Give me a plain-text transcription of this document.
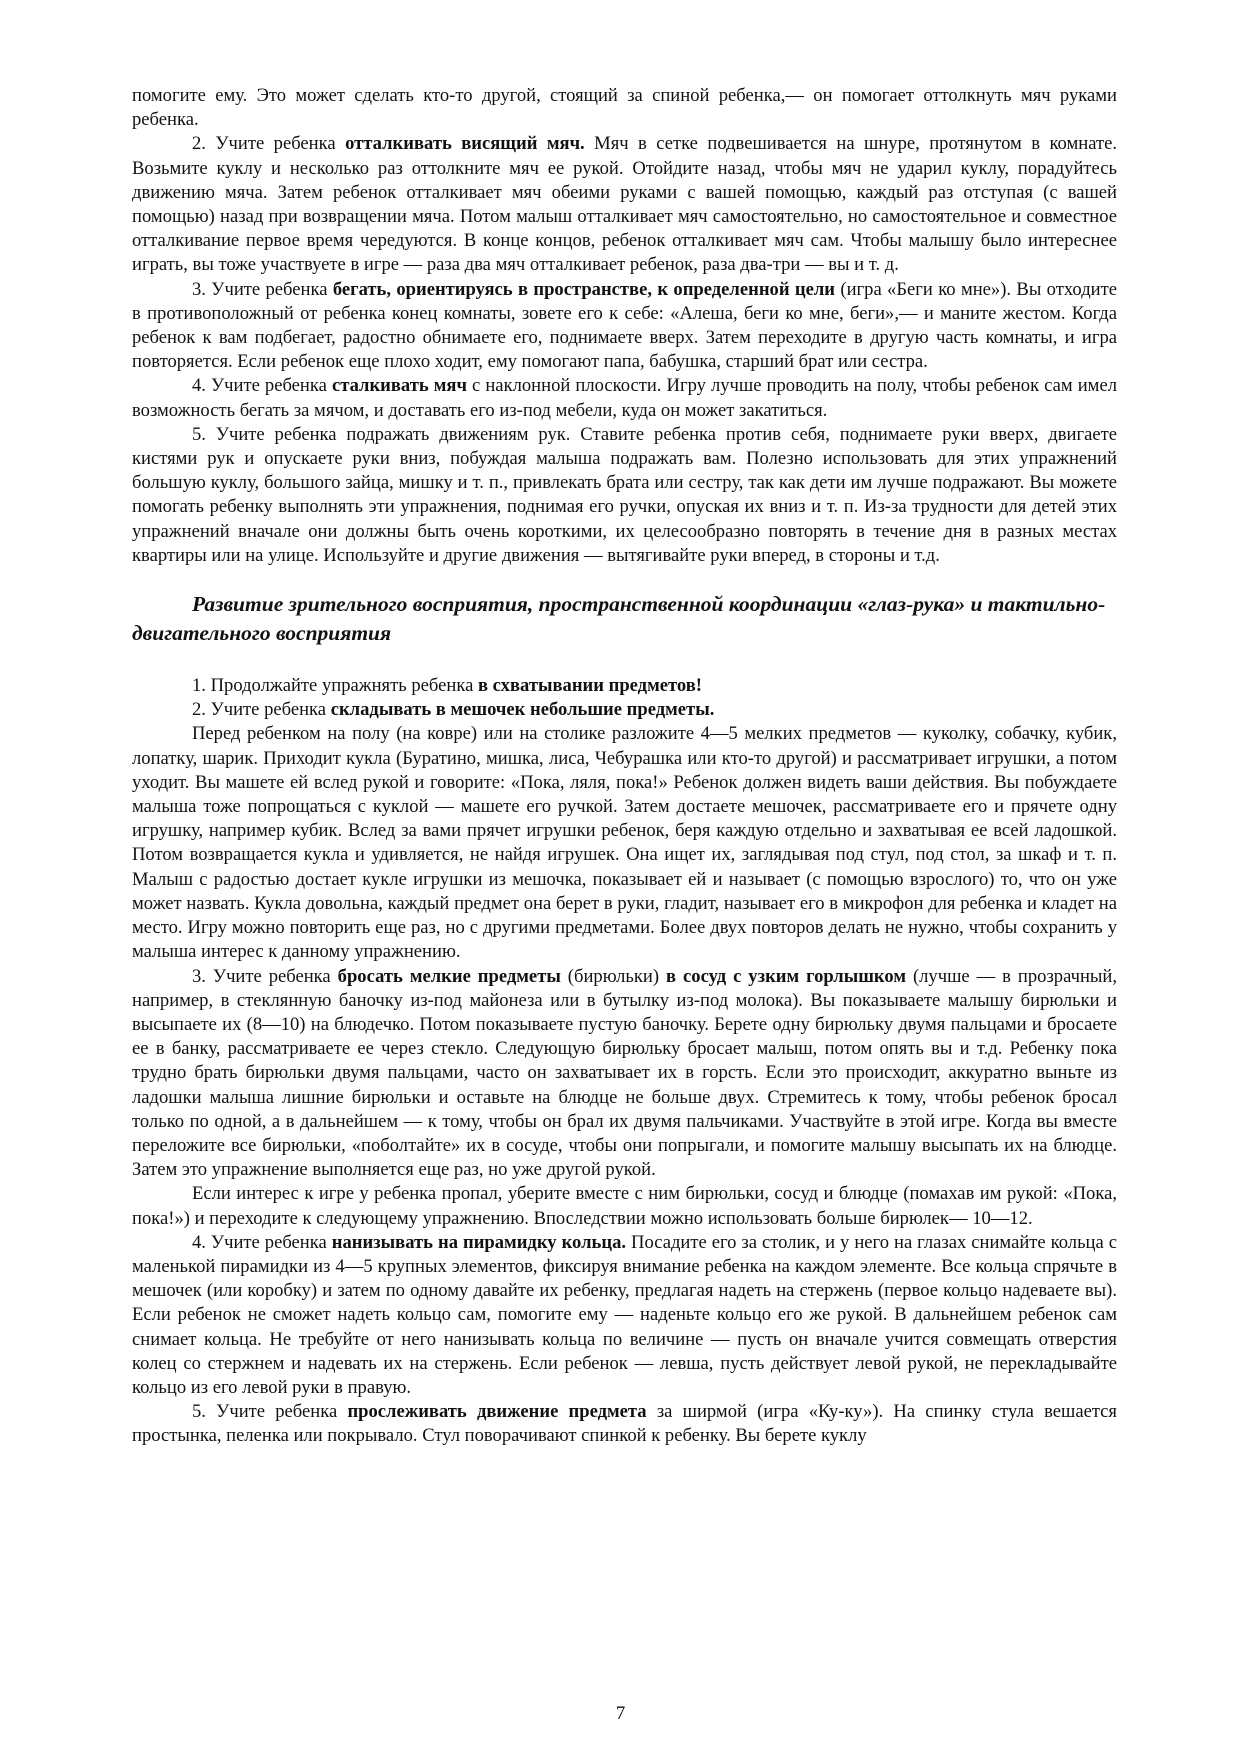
помогите ему. Это может сделать кто-то другой, стоящий за спиной ребенка,— он помогает оттолкнуть мяч руками ребенка.

2. Учите ребенка отталкивать висящий мяч. Мяч в сетке подвешивается на шнуре, протянутом в комнате. Возьмите куклу и несколько раз оттолкните мяч ее рукой. Отойдите назад, чтобы мяч не ударил куклу, порадуйтесь движению мяча. Затем ребенок отталкивает мяч обеими руками с вашей помощью, каждый раз отступая (с вашей помощью) назад при возвращении мяча. Потом малыш отталкивает мяч самостоятельно, но самостоятельное и совместное отталкивание первое время чередуются. В конце концов, ребенок отталкивает мяч сам. Чтобы малышу было интереснее играть, вы тоже участвуете в игре — раза два мяч отталкивает ребенок, раза два-три — вы и т. д.

3. Учите ребенка бегать, ориентируясь в пространстве, к определенной цели (игра «Беги ко мне»). Вы отходите в противоположный от ребенка конец комнаты, зовете его к себе: «Алеша, беги ко мне, беги»,— и маните жестом. Когда ребенок к вам подбегает, радостно обнимаете его, поднимаете вверх. Затем переходите в другую часть комнаты, и игра повторяется. Если ребенок еще плохо ходит, ему помогают папа, бабушка, старший брат или сестра.

4. Учите ребенка сталкивать мяч с наклонной плоскости. Игру лучше проводить на полу, чтобы ребенок сам имел возможность бегать за мячом, и доставать его из-под мебели, куда он может закатиться.

5. Учите ребенка подражать движениям рук. Ставите ребенка против себя, поднимаете руки вверх, двигаете кистями рук и опускаете руки вниз, побуждая малыша подражать вам. Полезно использовать для этих упражнений большую куклу, большого зайца, мишку и т. п., привлекать брата или сестру, так как дети им лучше подражают. Вы можете помогать ребенку выполнять эти упражнения, поднимая его ручки, опуская их вниз и т. п. Из-за трудности для детей этих упражнений вначале они должны быть очень короткими, их целесообразно повторять в течение дня в разных местах квартиры или на улице. Используйте и другие движения — вытягивайте руки вперед, в стороны и т.д.

Развитие зрительного восприятия, пространственной координации «глаз-рука» и тактильно-двигательного восприятия

1. Продолжайте упражнять ребенка в схватывании предметов!

2. Учите ребенка складывать в мешочек небольшие предметы.

Перед ребенком на полу (на ковре) или на столике разложите 4—5 мелких предметов — куколку, собачку, кубик, лопатку, шарик. Приходит кукла (Буратино, мишка, лиса, Чебурашка или кто-то другой) и рассматривает игрушки, а потом уходит. Вы машете ей вслед рукой и говорите: «Пока, ляля, пока!» Ребенок должен видеть ваши действия. Вы побуждаете малыша тоже попрощаться с куклой — машете его ручкой. Затем достаете мешочек, рассматриваете его и прячете одну игрушку, например кубик. Вслед за вами прячет игрушки ребенок, беря каждую отдельно и захватывая ее всей ладошкой. Потом возвращается кукла и удивляется, не найдя игрушек. Она ищет их, заглядывая под стул, под стол, за шкаф и т. п. Малыш с радостью достает кукле игрушки из мешочка, показывает ей и называет (с помощью взрослого) то, что он уже может назвать. Кукла довольна, каждый предмет она берет в руки, гладит, называет его в микрофон для ребенка и кладет на место. Игру можно повторить еще раз, но с другими предметами. Более двух повторов делать не нужно, чтобы сохранить у малыша интерес к данному упражнению.

3. Учите ребенка бросать мелкие предметы (бирюльки) в сосуд с узким горлышком (лучше — в прозрачный, например, в стеклянную баночку из-под майонеза или в бутылку из-под молока). Вы показываете малышу бирюльки и высыпаете их (8—10) на блюдечко. Потом показываете пустую баночку. Берете одну бирюльку двумя пальцами и бросаете ее в банку, рассматриваете ее через стекло. Следующую бирюльку бросает малыш, потом опять вы и т.д. Ребенку пока трудно брать бирюльки двумя пальцами, часто он захватывает их в горсть. Если это происходит, аккуратно выньте из ладошки малыша лишние бирюльки и оставьте на блюдце не больше двух. Стремитесь к тому, чтобы ребенок бросал только по одной, а в дальнейшем — к тому, чтобы он брал их двумя пальчиками. Участвуйте в этой игре. Когда вы вместе переложите все бирюльки, «поболтайте» их в сосуде, чтобы они попрыгали, и помогите малышу высыпать их на блюдце. Затем это упражнение выполняется еще раз, но уже другой рукой.

Если интерес к игре у ребенка пропал, уберите вместе с ним бирюльки, сосуд и блюдце (помахав им рукой: «Пока, пока!») и переходите к следующему упражнению. Впоследствии можно использовать больше бирюлек— 10—12.

4. Учите ребенка нанизывать на пирамидку кольца. Посадите его за столик, и у него на глазах снимайте кольца с маленькой пирамидки из 4—5 крупных элементов, фиксируя внимание ребенка на каждом элементе. Все кольца спрячьте в мешочек (или коробку) и затем по одному давайте их ребенку, предлагая надеть на стержень (первое кольцо надеваете вы). Если ребенок не сможет надеть кольцо сам, помогите ему — наденьте кольцо его же рукой. В дальнейшем ребенок сам снимает кольца. Не требуйте от него нанизывать кольца по величине — пусть он вначале учится совмещать отверстия колец со стержнем и надевать их на стержень. Если ребенок — левша, пусть действует левой рукой, не перекладывайте кольцо из его левой руки в правую.

5. Учите ребенка прослеживать движение предмета за ширмой (игра «Ку-ку»). На спинку стула вешается простынка, пеленка или покрывало. Стул поворачивают спинкой к ребенку. Вы берете куклу

7
